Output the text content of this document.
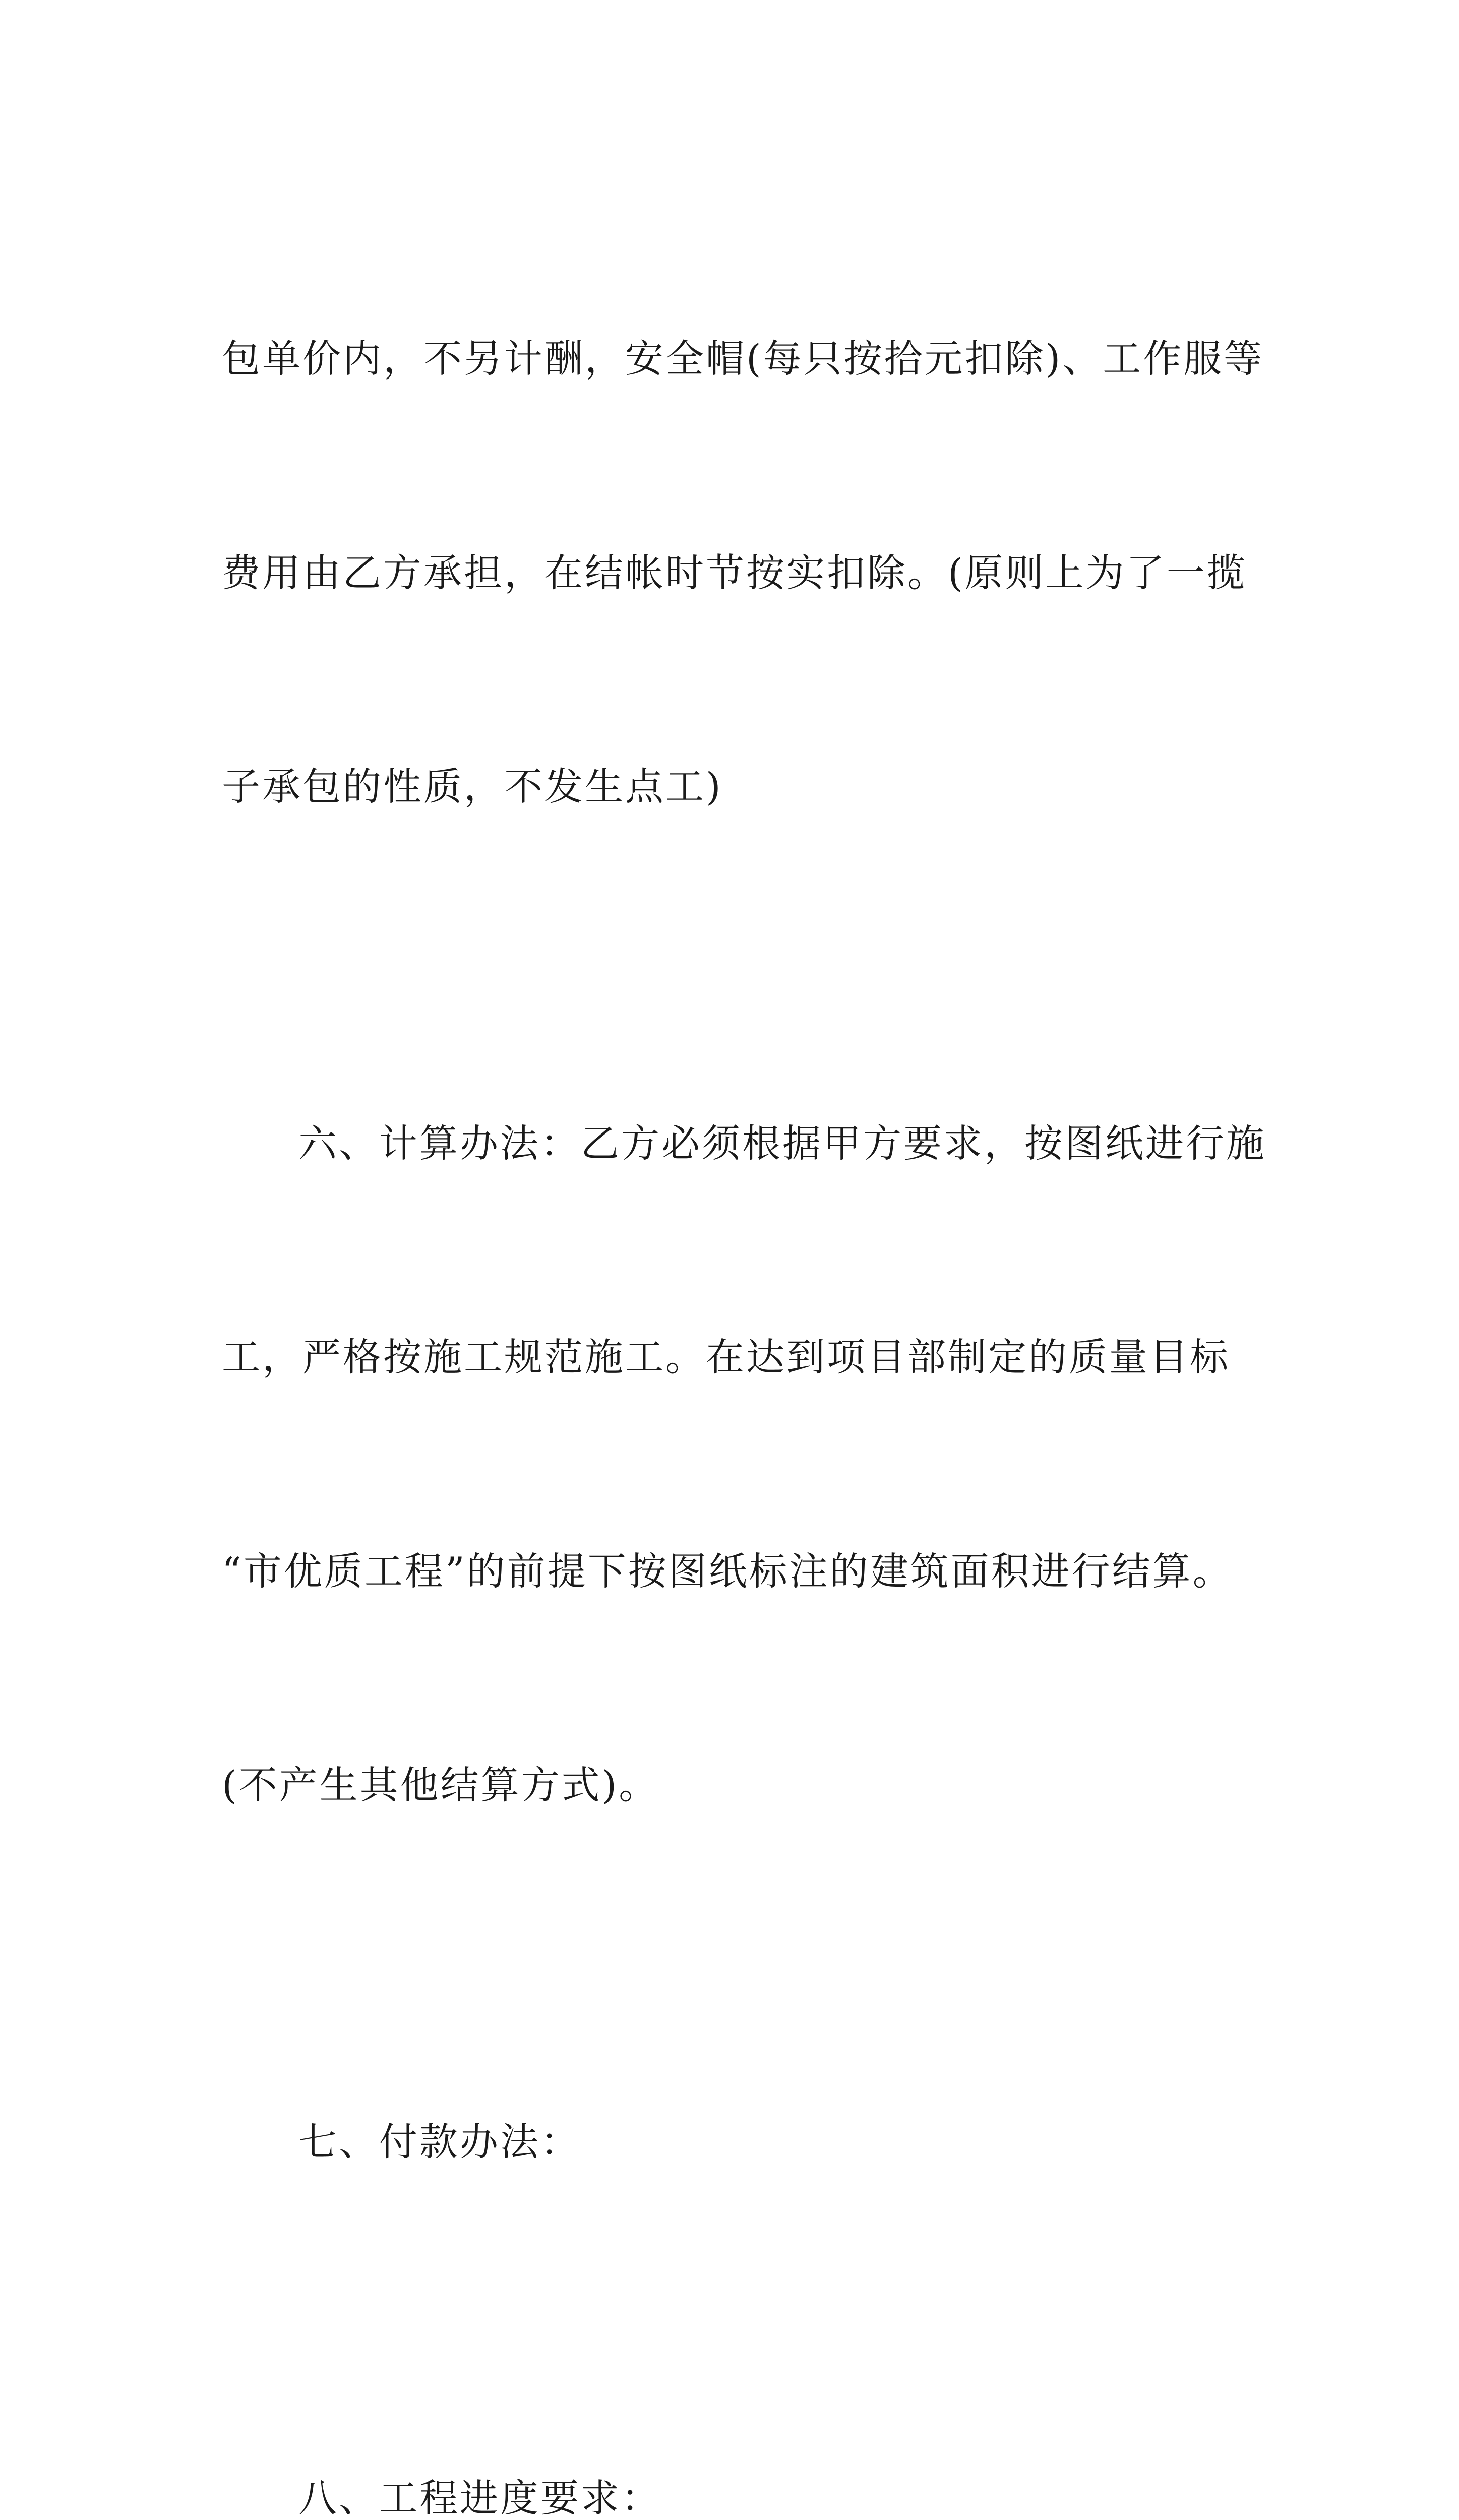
包单价内，不另计酬，安全帽(每只按拾元扣除)、工作服等

费用由乙方承担，在结帐时节按实扣除。(原则上为了一揽

子承包的性质，不发生点工)

六、计算办法：乙方必须根据甲方要求，按图纸进行施

工，严格按施工规范施工。在达到项目部制定的质量目标

“市优质工程”的前提下按图纸标注的建筑面积进行结算。

(不产生其他结算方式)。

七、付款办法：

八、工程进度要求：
